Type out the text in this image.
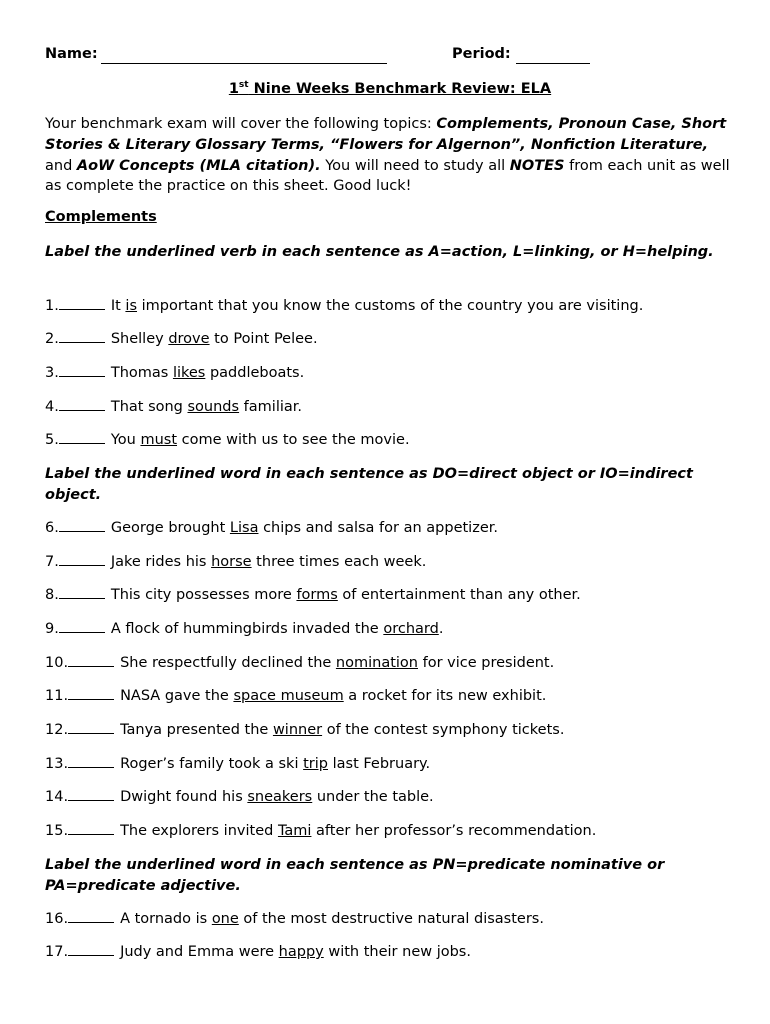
Name:	Period:
1st Nine Weeks Benchmark Review: ELA
Your benchmark exam will cover the following topics: Complements, Pronoun Case, Short Stories & Literary Glossary Terms, “Flowers for Algernon”, Nonfiction Literature, and AoW Concepts (MLA citation). You will need to study all NOTES from each unit as well as complete the practice on this sheet. Good luck!
Complements
Label the underlined verb in each sentence as A=action, L=linking, or H=helping.
Label the underlined word in each sentence as DO=direct object or IO=indirect object.
Label the underlined word in each sentence as PN=predicate nominative or PA=predicate adjective.
1.	It is important that you know the customs of the country you are visiting.
2.	Shelley drove to Point Pelee.
3.	Thomas likes paddleboats.
4.	That song sounds familiar.
5.	You must come with us to see the movie.
6.	George brought Lisa chips and salsa for an appetizer.
7.	Jake rides his horse three times each week.
8.	This city possesses more forms of entertainment than any other.
9.	A flock of hummingbirds invaded the orchard.
10.	She respectfully declined the nomination for vice president.
11.	NASA gave the space museum a rocket for its new exhibit.
12.	Tanya presented the winner of the contest symphony tickets.
13.	Roger’s family took a ski trip last February.
14.	Dwight found his sneakers under the table.
15.	The explorers invited Tami after her professor’s recommendation.
16.	A tornado is one of the most destructive natural disasters.
17.	Judy and Emma were happy with their new jobs.
